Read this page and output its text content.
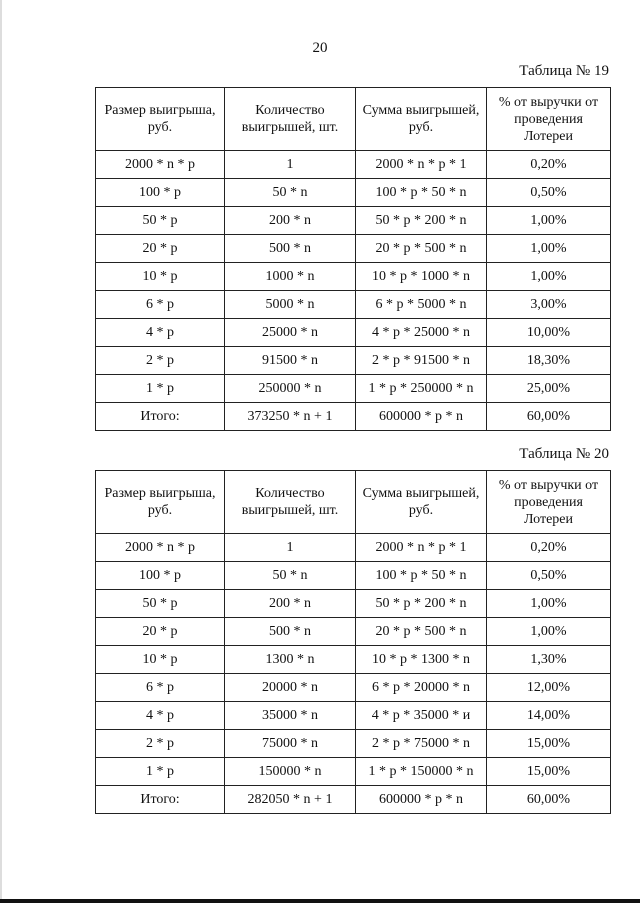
20
Таблица № 19
Размер выигрыша, руб.	Количество выигрышей, шт.	Сумма выигрышей, руб.	% от выручки от проведения Лотереи
2000 * n * p	1	2000 * n * p * 1	0,20%
100 * p	50 * n	100 * p * 50 * n	0,50%
50 * p	200 * n	50 * p * 200 * n	1,00%
20 * p	500 * n	20 * p * 500 * n	1,00%
10 * p	1000 * n	10 * p * 1000 * n	1,00%
6 * p	5000 * n	6 * p * 5000 * n	3,00%
4 * p	25000 * n	4 * p * 25000 * n	10,00%
2 * p	91500 * n	2 * p * 91500 * n	18,30%
1 * p	250000 * n	1 * p * 250000 * n	25,00%
Итого:	373250 * n + 1	600000 * p * n	60,00%
Таблица № 20
Размер выигрыша, руб.	Количество выигрышей, шт.	Сумма выигрышей, руб.	% от выручки от проведения Лотереи
2000 * n * p	1	2000 * n * p * 1	0,20%
100 * p	50 * n	100 * p * 50 * n	0,50%
50 * p	200 * n	50 * p * 200 * n	1,00%
20 * p	500 * n	20 * p * 500 * n	1,00%
10 * p	1300 * n	10 * p * 1300 * n	1,30%
6 * p	20000 * n	6 * p * 20000 * n	12,00%
4 * p	35000 * n	4 * p * 35000 * и	14,00%
2 * p	75000 * n	2 * p * 75000 * n	15,00%
1 * p	150000 * n	1 * p * 150000 * n	15,00%
Итого:	282050 * n + 1	600000 * p * n	60,00%
